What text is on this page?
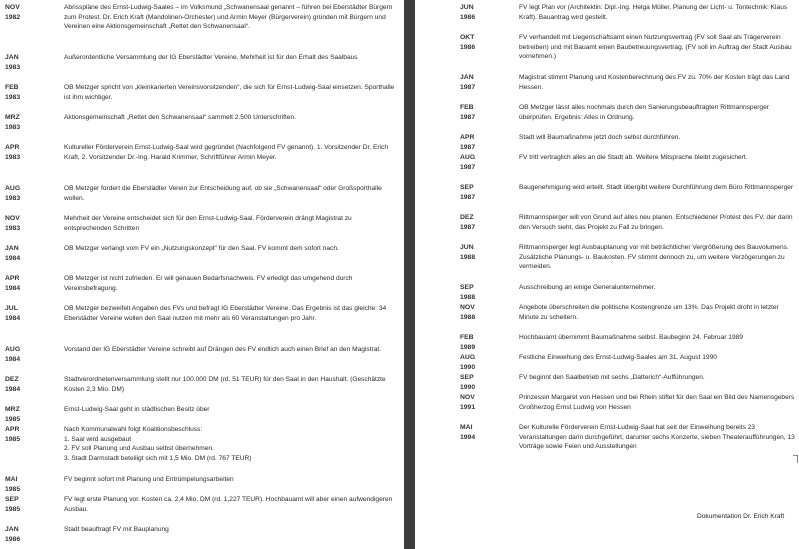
NOV 1982
Abrisspläne des Ernst-Ludwig-Saales – im Volksmund „Schwanensaal genannt – führen bei Eberstädter Bürgern zum Protest. Dr. Erich Kraft (Mandolinen-Orchester) und Armin Meyer (Bürgerverein) gründen mit Bürgern und Vereinen eine Aktionsgemeinschaft „Rettet den Schwanensaal“.
JAN 1983
Außerordentliche Versammlung der IG Eberstädter Vereine. Mehrheit ist für den Erhalt des Saalbaus
FEB 1983
OB Metzger spricht von „kleinkarierten Vereinsvorsitzenden“, die sich für Ernst-Ludwig-Saal einsetzen. Sporthalle ist ihm wichtiger.
MRZ 1983
Aktionsgemeinschaft „Rettet den Schwanensaal“ sammelt 2.500 Unterschriften.
APR 1983
Kultureller Förderverein Ernst-Ludwig-Saal wird gegründet (Nachfolgend FV genannt). 1. Vorsitzender Dr. Erich Kraft, 2. Vorsitzender Dr.-Ing. Harald Krimmer, Schriftführer Armin Meyer.
AUG 1983
OB Metzger fordert die Eberstädter Verein zur Entscheidung auf, ob sie „Schwanensaal“ oder Großsporthalle wollen.
NOV 1983
Mehrheit der Vereine entscheidet sich für den Ernst-Ludwig-Saal. Förderverein drängt Magistrat zu entsprechenden Schritten
JAN 1984
OB Metzger verlangt vom FV ein „Nutzungskonzept“ für den Saal. FV kommt dem sofort nach.
APR 1984
OB Metzger ist nicht zufrieden. Er will genauen Bedarfsnachweis. FV erledigt das umgehend durch Vereinsbefragung.
JUL 1984
OB Metzger bezweifelt Angaben des FVs und befragt IG Eberstädter Vereine. Das Ergebnis ist das gleiche: 34 Eberstädter Vereine wollen den Saal nutzen mit mehr als 60 Veranstaltungen pro Jahr.
AUG 1984
Vorstand der IG Eberstädter Vereine schreibt auf Drängen des FV endlich auch einen Brief an den Magistrat.
DEZ 1984
Stadtverordnetenversammlung stellt nur 100.000 DM (rd. 51 TEUR) für den Saal in den Haushalt. (Geschätzte Kosten 2,3 Mio. DM)
MRZ 1985
Ernst-Ludwig-Saal geht in städtischen Besitz über
APR 1985
Nach Kommunalwahl folgt Koalitionsbeschluss:
1. Saal wird ausgebaut
2. FV soll Planung und Ausbau selbst übernehmen.
3. Stadt Darmstadt beteiligt sich mit 1,5 Mio. DM (rd. 767 TEUR)
MAI 1985
FV beginnt sofort mit Planung und Entrümpelungsarbeiten
SEP 1985
FV legt erste Planung vor. Kosten ca. 2,4 Mio. DM (rd. 1,227 TEUR). Hochbauamt will aber einen aufwendigeren Ausbau.
JAN 1986
Stadt beauftragt FV mit Bauplanung
JUN 1986
FV legt Plan vor (Architektin: Dipl.-Ing. Helga Müller, Planung der Licht- u. Tontechnik: Klaus Kraft). Bauantrag wird gestellt.
OKT 1986
FV verhandelt mit Liegenschaftsamt einen Nutzungsvertrag (FV soll Saal als Trägerverein betreiben) und mit Bauamt einen Baubetreuungsvertrag. (FV soll im Auftrag der Stadt Ausbau vornehmen.)
JAN 1987
Magistrat stimmt Planung und Kostenberechnung des FV zu. 70% der Kosten trägt das Land Hessen.
FEB 1987
OB Metzger lässt alles nochmals durch den Sanierungsbeauftragten Rittmannsperger überprüfen. Ergebnis: Alles in Ordnung.
APR 1987
Stadt will Baumaßnahme jetzt doch selbst durchführen.
AUG 1987
FV tritt vertraglich alles an die Stadt ab. Weitere Mitsprache bleibt zugesichert.
SEP 1987
Baugenehmigung wird erteilt. Stadt übergibt weitere Durchführung dem Büro Rittmannsperger
DEZ 1987
Rittmannsperger will von Grund auf alles neu planen. Entschiedener Protest des FV, der darin den Versuch sieht, das Projekt zu Fall zu bringen.
JUN 1988
Rittmannsperger legt Ausbauplanung vor mit beträchtlicher Vergrößerung des Bauvolumens. Zusätzliche Planungs- u. Baukosten. FV stimmt dennoch zu, um weitere Verzögerungen zu vermeiden.
SEP 1988
Ausschreibung an einige Generalunternehmer.
NOV 1988
Angebote überschreiten die politische Kostengrenze um 13%. Das Projekt droht in letzter Minute zu scheitern.
FEB 1989
Hochbauamt übernimmt Baumaßnahme selbst. Baubeginn 24. Februar 1989
AUG 1990
Festliche Einweihung des Ernst-Ludwig-Saales am 31. August 1990
SEP 1990
FV beginnt den Saalbetrieb mit sechs „Datterich“-Aufführungen.
NOV 1991
Prinzessin Margaret von Hessen und bei Rhein stiftet für den Saal ein Bild des Namensgebers Großherzog Ernst Ludwig von Hessen
MAI 1994
Der Kulturelle Förderverein Ernst-Ludwig-Saal hat seit der Einweihung bereits 23 Veranstaltungen darin durchgeführt, darunter sechs Konzerte, sieben Theateraufführungen, 13 Vorträge sowie Feien und Ausstellungen
Dokumentation Dr. Erich Kraft
